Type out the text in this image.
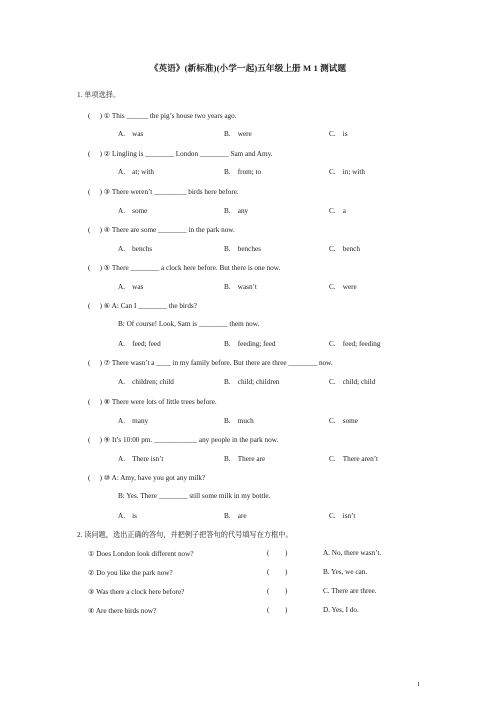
《英语》(新标准)(小学一起)五年级上册 M 1 测试题
1. 单项选择。
( ) ① This ______ the pig’s house two years ago.
A.　was	B.　were	C.　is
( ) ② Lingling is ________ London ________ Sam and Amy.
A.　at; with	B.　from; to	C.　in; with
( ) ③ There weren’t _________ birds here before.
A.　some	B.　any	C.　a
( ) ④ There are some ________ in the park now.
A.　benchs	B.　benches	C.　bench
( ) ⑤ There ________ a clock here before. But there is one now.
A.　was	B.　wasn’t	C.　were
( ) ⑥ A: Can I ________ the birds?
B: Of course! Look, Sam is ________ them now.
A.　feed; feed	B.　feeding; feed	C.　feed; feeding
( ) ⑦ There wasn’t a ____ in my family before. But there are three ________ now.
A.　children; child	B.　child; children	C.　child; child
( ) ⑧ There were lots of little trees before.
A.　many	B.　much	C.　some
( ) ⑨ It’s 10:00 pm. ____________ any people in the park now.
A.　There isn’t	B.　There are	C.　There aren’t
( ) ⑩ A: Amy, have you got any milk?
B: Yes. There ________ still some milk in my bottle.
A.　is	B.　are	C.　isn’t
2. 读问题，选出正确的答句，并把例子把答句的代号填写在方框中。
① Does London look different now?	( )	A. No, there wasn’t.
② Do you like the park now?	( )	B. Yes, we can.
③ Was there a clock here before?	( )	C. There are three.
④ Are there birds now?	( )	D. Yes, I do.
1
